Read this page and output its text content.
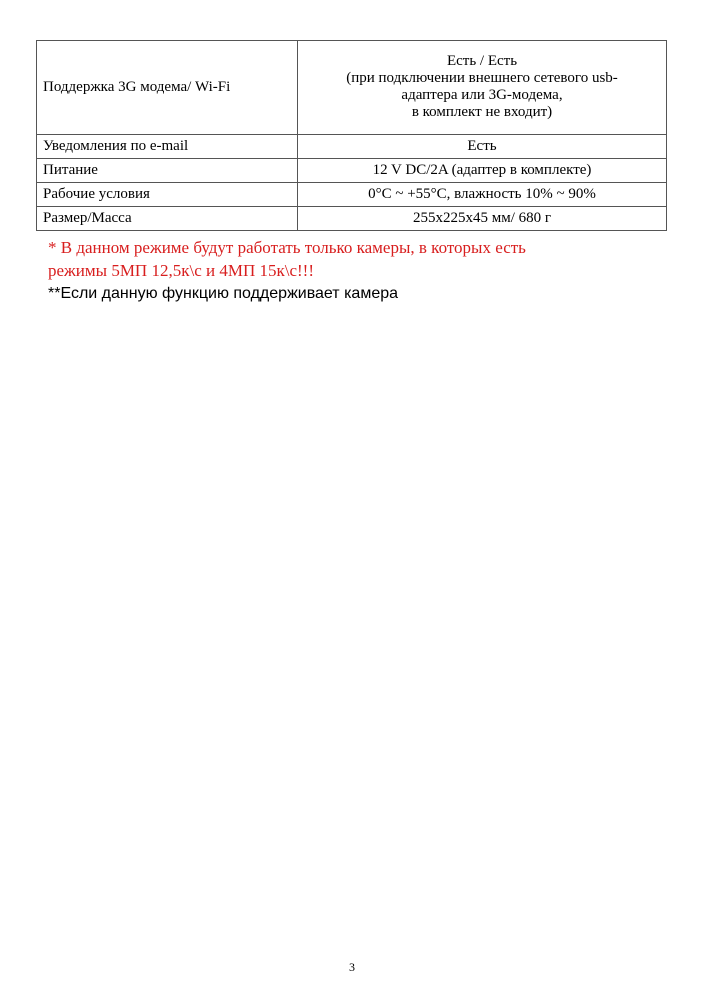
Поддержка 3G модема/ Wi-Fi	Есть / Есть
(при подключении внешнего сетевого usb-
адаптера или 3G-модема,
в комплект не входит)

Уведомления по e-mail	Есть
Питание	12 V DC/2A (адаптер в комплекте)
Рабочие условия	0°C ~ +55°C, влажность 10% ~ 90%
Размер/Масса	255x225x45 мм/ 680 г
* В данном режиме будут работать только камеры, в которых есть
режимы 5МП 12,5к\с и 4МП 15к\с!!!
**Если данную функцию поддерживает камера
3
